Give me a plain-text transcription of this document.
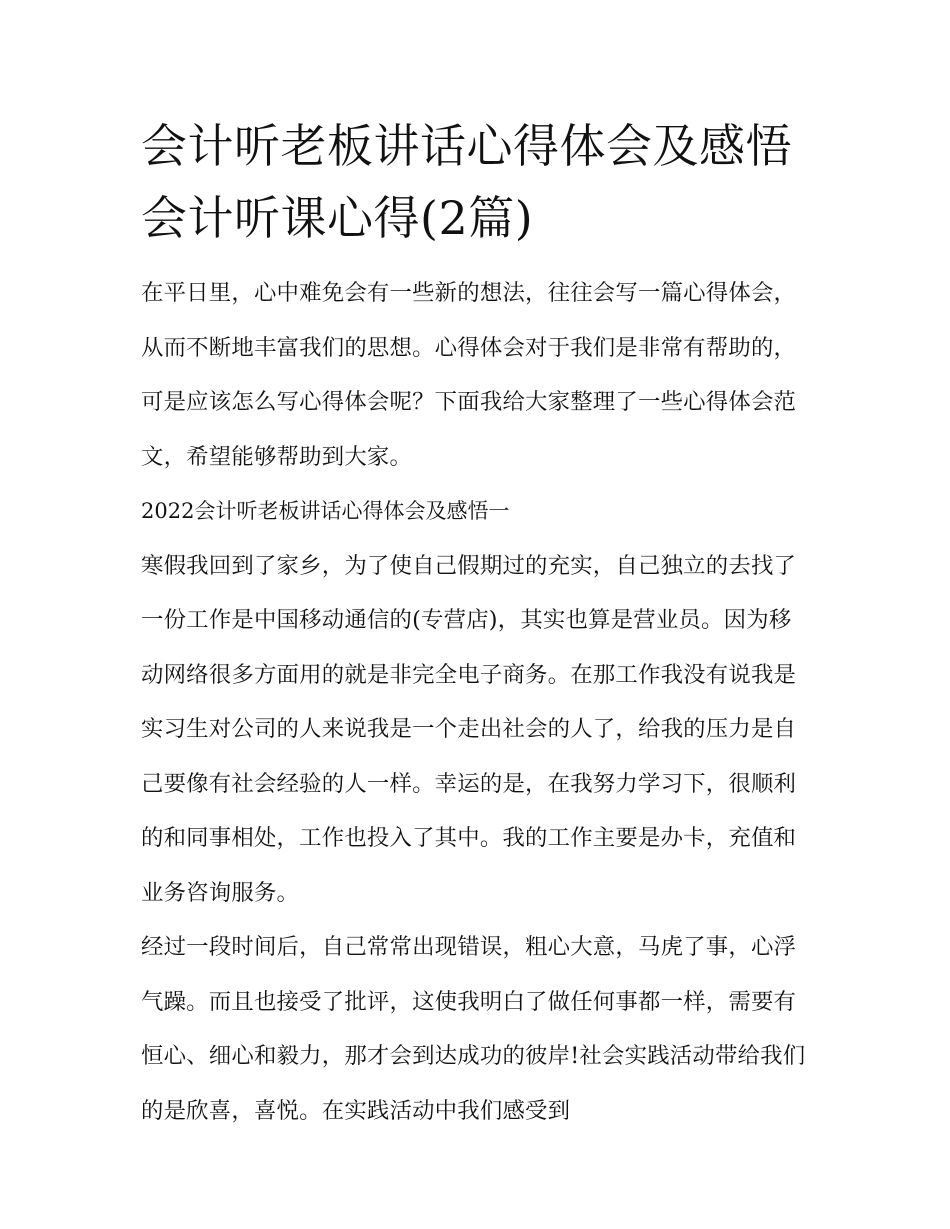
会计听老板讲话心得体会及感悟 会计听课心得(2篇)

在平日里，心中难免会有一些新的想法，往往会写一篇心得体会，从而不断地丰富我们的思想。心得体会对于我们是非常有帮助的，可是应该怎么写心得体会呢？下面我给大家整理了一些心得体会范文，希望能够帮助到大家。

2022会计听老板讲话心得体会及感悟一

寒假我回到了家乡，为了使自己假期过的充实，自己独立的去找了一份工作是中国移动通信的(专营店)，其实也算是营业员。因为移动网络很多方面用的就是非完全电子商务。在那工作我没有说我是实习生对公司的人来说我是一个走出社会的人了，给我的压力是自己要像有社会经验的人一样。幸运的是，在我努力学习下，很顺利的和同事相处，工作也投入了其中。我的工作主要是办卡，充值和业务咨询服务。

经过一段时间后，自己常常出现错误，粗心大意，马虎了事，心浮气躁。而且也接受了批评，这使我明白了做任何事都一样，需要有恒心、细心和毅力，那才会到达成功的彼岸!社会实践活动带给我们的是欣喜，喜悦。在实践活动中我们感受到
